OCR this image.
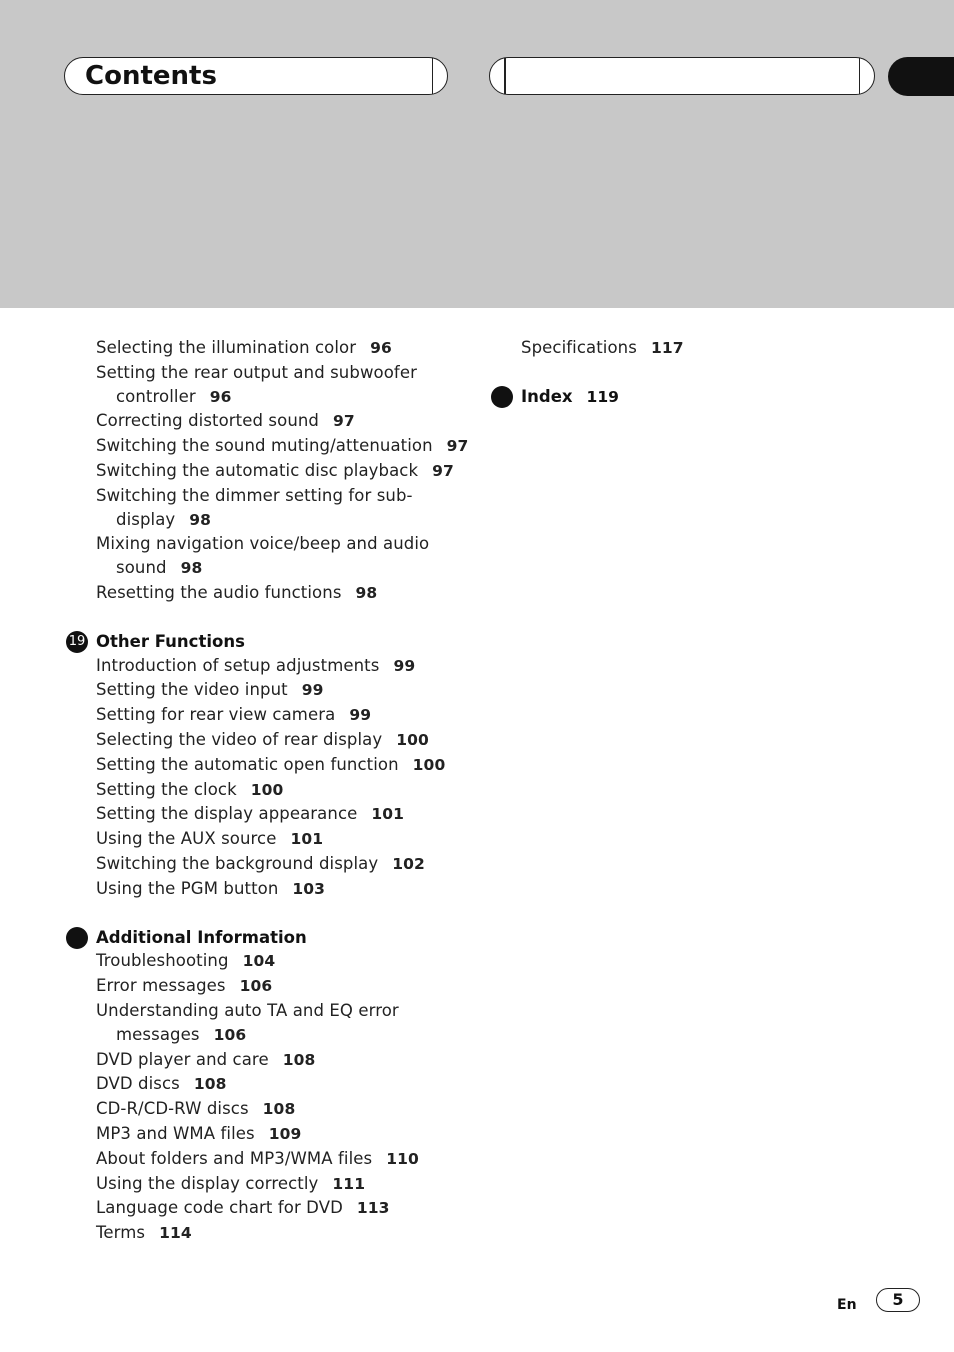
Contents
Selecting the illumination color 96
Setting the rear output and subwoofer
controller 96
Correcting distorted sound 97
Switching the sound muting/attenuation 97
Switching the automatic disc playback 97
Switching the dimmer setting for sub-
display 98
Mixing navigation voice/beep and audio
sound 98
Resetting the audio functions 98
19 Other Functions
Introduction of setup adjustments 99
Setting the video input 99
Setting for rear view camera 99
Selecting the video of rear display 100
Setting the automatic open function 100
Setting the clock 100
Setting the display appearance 101
Using the AUX source 101
Switching the background display 102
Using the PGM button 103
Additional Information
Troubleshooting 104
Error messages 106
Understanding auto TA and EQ error
messages 106
DVD player and care 108
DVD discs 108
CD-R/CD-RW discs 108
MP3 and WMA files 109
About folders and MP3/WMA files 110
Using the display correctly 111
Language code chart for DVD 113
Terms 114
Specifications 117
Index 119
En	5
